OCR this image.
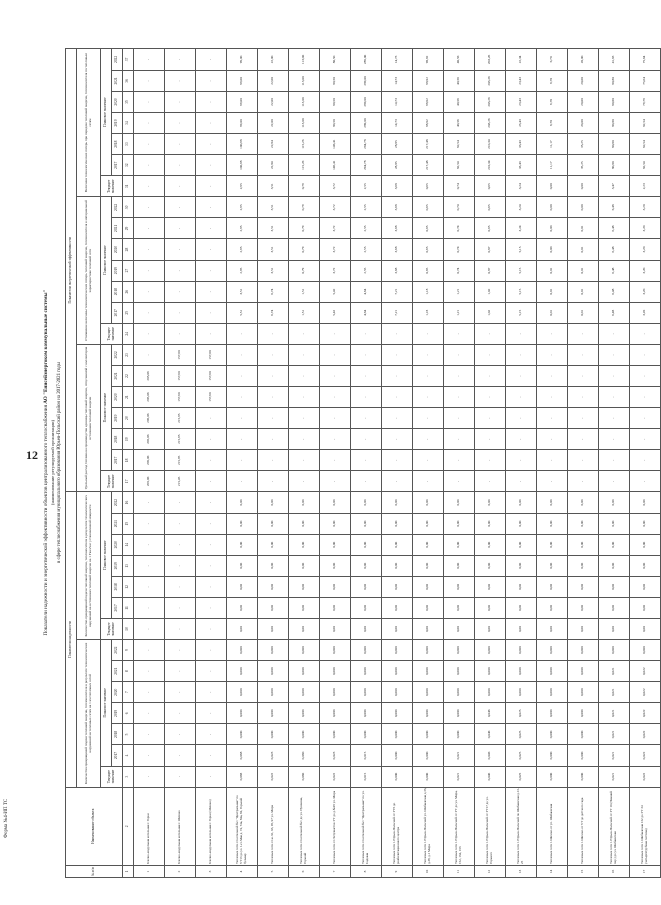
12
Форма №4-ИП ТС
Показатели надежности и энергетической эффективности объектов централизованного теплоснабжения АО "Енисейэнергоком коммунальные системы"
(наименование регулируемой организации) в сфере теплоснабжения муниципального образования Юрьев-Польский район на 2017-2021 годы
№ п/п	Наименование объекта	Показатели надежности														Показатели энергетической эффективности																				
		Количество прекращений подачи тепловой энергии, теплоносителя в результате технологических нарушений на тепловых сетях на 1 км тепловых сетей							Количество прекращений подачи тепловой энергии, теплоносителя в результате технологических нарушений на источниках тепловой энергии на 1 Гкал/час установленной мощности							Удельный расход топлива на производство единицы тепловой энергии, отпускаемой с коллекторов источников тепловой энергии							Отношение величины технологических потерь тепловой энергии, теплоносителя к материальной характеристике тепловой сети							Величина технологических потерь при передаче тепловой энергии, теплоносителя по тепловым сетям						
		Текущее значение	Плановое значение						Текущее значение	Плановое значение						Текущее значение	Плановое значение						Текущее значение	Плановое значение						Текущее значение	Плановое значение					
			2017	2018	2019	2020	2021	2022		2017	2018	2019	2020	2021	2022		2017	2018	2019	2020	2021	2022		2017	2018	2019	2020	2021	2022		2017	2018	2019	2020	2021	2022
1	2	3	4	5	6	7	8	9	10	11	12	13	14	15	16	17	18	19	20	21	22	23	24	25	26	27	28	29	30	31	32	33	34	35	36	37
1	Блочно-модульная котельная г. Горки	-	-	-	-	-	-	-	-	-	-	-	-	-	-	205,06	205,06	205,06	205,06	205,06	205,06	-	-	-	-	-	-	-	-	-	-	-	-	-	-	-
2	Блочно-модульная котельная г. Шихово	-	-	-	-	-	-	-	-	-	-	-	-	-	-	215,45	215,95	215,95	215,95	157,60	157,60	157,60	-	-	-	-	-	-	-	-	-	-	-	-	-	-
3	Блочно-модульная котельная г. Горки (Шихово)	-	-	-	-	-	-	-	-	-	-	-	-	-	-	-	-	-	-	157,60	157,60	157,60	-	-	-	-	-	-	-	-	-	-	-	-	-	-
4	Тепловые сети от котельной №1 "Центральная" по УТ13 до ул. 1-го Мая д. 74, 74а, 84а, 84, Горький бульвар	0,068	0,068	0,000	0,000	0,000	0,000	0,000	0,00	0,00	0,00	0,00	0,00	0,00	0,00	-	-	-	-	-	-	-	-	5,51	3,51	2,95	2,95	2,95	2,95	2,95	100,98	100,98	99,00	99,00	99,00	99,00
5	Тепловые сети от ж. 91, 93, 95, 97 ул. Мира	0,022	0,023	0,000	0,000	0,000	0,000	0,000	0,00	0,00	0,00	0,00	0,00	0,00	0,00	-	-	-	-	-	-	-	-	6,74	6,74	3,51	3,51	3,51	3,51	3,51	22,84	22,84	22,00	22,00	22,00	22,00
6	Тепловые сети от котельной №1 до ул. Пушкина, Горький	0,060	0,060	0,000	0,000	0,000	0,000	0,000	0,00	0,00	0,00	0,00	0,00	0,00	0,00	-	-	-	-	-	-	-	-	1,51	1,51	0,79	0,79	0,79	0,79	0,79	115,26	115,26	113,00	113,00	113,00	113,00
7	Тепловые сети от Энтузиастов УТ до д.№95 ул. Мира	0,022	0,023	0,000	0,000	0,000	0,000	0,000	0,00	0,00	0,00	0,00	0,00	0,00	0,00	-	-	-	-	-	-	-	-	5,42	5,42	3,72	3,72	3,72	3,72	3,72	146,41	146,41	80,50	80,50	80,50	80,50
8	Тепловые сети от котельной №1 "Центральная" по ул. Садовая	0,015	0,015	0,000	0,000	0,000	0,000	0,000	0,00	0,00	0,00	0,00	0,00	0,00	0,00	-	-	-	-	-	-	-	-	4,64	4,64	2,55	2,55	2,55	2,55	2,55	294,78	294,78	289,00	289,00	289,00	289,00
9	Тепловые сети г. Юрьев-Польский от УТ6 до реабилитационного центра	0,000	0,000	0,000	0,000	0,000	0,000	0,000	0,00	0,00	0,00	0,00	0,00	0,00	0,00	-	-	-	-	-	-	-	-	7,21	7,21	3,68	3,68	3,68	3,68	3,68	28,85	28,85	14,73	14,73	14,73	14,73
10	Тепловые сети г. Юрьев-Польский ул. Шибаевская д.36, д.38, д.1 Мира	0,000	0,000	0,000	0,000	0,000	0,000	0,000	0,00	0,00	0,00	0,00	0,00	0,00	0,00	-	-	-	-	-	-	-	-	1,18	1,18	0,65	0,65	0,65	0,65	0,65	217,48	217,48	98,92	98,92	98,92	98,92
11	Тепловые сети г. Юрьев-Польский от УТ до ул. Мира, 162, 164, 166	0,021	0,021	0,000	0,000	0,000	0,000	0,000	0,00	0,00	0,00	0,00	0,00	0,00	0,00	-	-	-	-	-	-	-	-	1,21	1,21	0,74	0,74	0,74	0,74	0,74	82,54	82,54	40,56	40,56	40,56	40,56
12	Тепловые сети г. Юрьев-Польский от УТ17 до ул. Горького	0,046	0,046	0,046	0,046	0,000	0,000	0,000	0,00	0,00	0,00	0,00	0,00	0,00	0,00	-	-	-	-	-	-	-	-	1,02	1,02	0,87	0,87	0,65	0,65	0,65	210,34	210,34	203,26	203,26	203,26	203,26
13	Тепловые сети г. Юрьев-Польский по Шибаевская д.13-25	0,025	0,025	0,025	0,025	0,000	0,000	0,000	0,00	0,00	0,00	0,00	0,00	0,00	0,00	-	-	-	-	-	-	-	-	5,15	5,15	5,15	5,15	3,24	3,24	3,24	33,43	33,43	23,43	23,43	23,43	22,34
14	Тепловые сети г. Шихово от ул. Шибаевская	0,000	0,000	0,000	0,000	0,000	0,000	0,000	0,00	0,00	0,00	0,00	0,00	0,00	0,00	-	-	-	-	-	-	-	-	0,01	0,01	0,01	0,00	0,00	0,00	0,00	11,17	11,17	6,70	6,70	6,70	6,70
15	Тепловые сети г. Шихово от УТ до детского сада	0,000	0,000	0,000	0,000	0,000	0,000	0,000	0,00	0,00	0,00	0,00	0,00	0,00	0,00	-	-	-	-	-	-	-	-	0,01	0,01	0,01	0,01	0,01	0,00	0,00	35,25	35,25	20,00	20,00	20,00	20,00
16	Тепловые сети г. Юрьев-Польский от УТ 10 (Нижний пер.) до ул. Шибаевская	0,021	0,021	0,021	0,021	0,021	0,021	0,000	0,00	0,00	0,00	0,00	0,00	0,00	0,00	-	-	-	-	-	-	-	-	6,48	6,48	6,48	6,48	6,48	6,48	3,47	80,80	80,80	80,80	80,80	80,80	41,93
17	Тепловые сети г. Шибаевская 132 до УТ 34 (четырёхтрубная система)	0,022	0,022	0,022	0,022	0,022	0,022	0,000	0,00	0,00	0,00	0,00	0,00	0,00	0,00	-	-	-	-	-	-	-	-	3,20	3,20	3,20	3,20	3,20	3,20	2,23	82,54	82,54	82,54	79,79	75,64	75,64
